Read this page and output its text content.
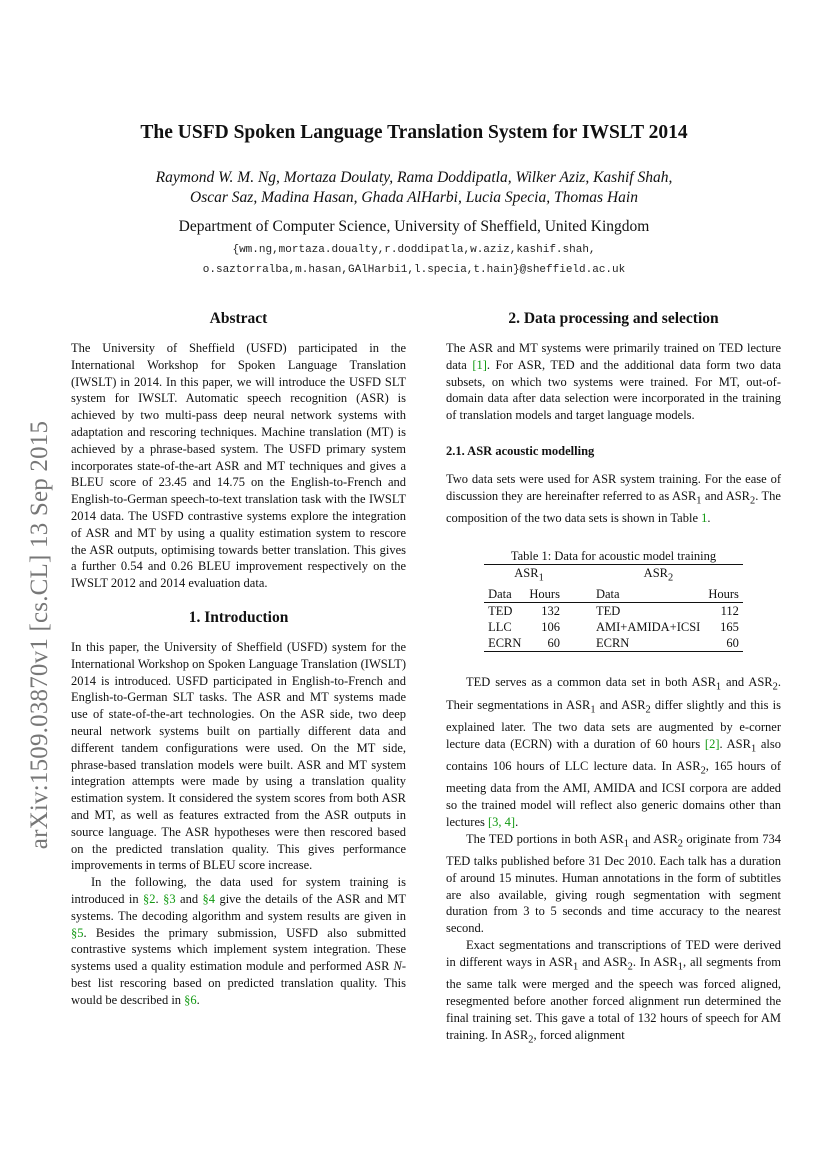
arXiv:1509.03870v1 [cs.CL] 13 Sep 2015
The USFD Spoken Language Translation System for IWSLT 2014
Raymond W. M. Ng, Mortaza Doulaty, Rama Doddipatla, Wilker Aziz, Kashif Shah,
Oscar Saz, Madina Hasan, Ghada AlHarbi, Lucia Specia, Thomas Hain
Department of Computer Science, University of Sheffield, United Kingdom
{wm.ng,mortaza.doualty,r.doddipatla,w.aziz,kashif.shah,
o.saztorralba,m.hasan,GAlHarbi1,l.specia,t.hain}@sheffield.ac.uk
Abstract

The University of Sheffield (USFD) participated in the International Workshop for Spoken Language Translation (IWSLT) in 2014. In this paper, we will introduce the USFD SLT system for IWSLT. Automatic speech recognition (ASR) is achieved by two multi-pass deep neural network systems with adaptation and rescoring techniques. Machine translation (MT) is achieved by a phrase-based system. The USFD primary system incorporates state-of-the-art ASR and MT techniques and gives a BLEU score of 23.45 and 14.75 on the English-to-French and English-to-German speech-to-text translation task with the IWSLT 2014 data. The USFD contrastive systems explore the integration of ASR and MT by using a quality estimation system to rescore the ASR outputs, optimising towards better translation. This gives a further 0.54 and 0.26 BLEU improvement respectively on the IWSLT 2012 and 2014 evaluation data.

1. Introduction

In this paper, the University of Sheffield (USFD) system for the International Workshop on Spoken Language Translation (IWSLT) 2014 is introduced. USFD participated in English-to-French and English-to-German SLT tasks. The ASR and MT systems made use of state-of-the-art technologies. On the ASR side, two deep neural network systems built on partially different data and different tandem configurations were used. On the MT side, phrase-based translation models were built. ASR and MT system integration attempts were made by using a translation quality estimation system. It considered the system scores from both ASR and MT, as well as features extracted from the ASR outputs in source language. The ASR hypotheses were then rescored based on the predicted translation quality. This gives performance improvements in terms of BLEU score increase.

In the following, the data used for system training is introduced in §2. §3 and §4 give the details of the ASR and MT systems. The decoding algorithm and system results are given in §5. Besides the primary submission, USFD also submitted contrastive systems which implement system integration. These systems used a quality estimation module and performed ASR N-best list rescoring based on predicted translation quality. This would be described in §6.

2. Data processing and selection

The ASR and MT systems were primarily trained on TED lecture data [1]. For ASR, TED and the additional data form two data subsets, on which two systems were trained. For MT, out-of-domain data after data selection were incorporated in the training of translation models and target language models.

2.1. ASR acoustic modelling

Two data sets were used for ASR system training. For the ease of discussion they are hereinafter referred to as $ASR_1$ and $ASR_2$. The composition of the two data sets is shown in Table 1.

Table 1: Data for acoustic model training
$ASR_1$		$ASR_2$
Data	Hours	Data	Hours
TED	132	TED	112
LLC	106	AMI+AMIDA+ICSI	165
ECRN	60	ECRN	60

TED serves as a common data set in both $ASR_1$ and $ASR_2$. Their segmentations in $ASR_1$ and $ASR_2$ differ slightly and this is explained later. The two data sets are augmented by e-corner lecture data (ECRN) with a duration of 60 hours [2]. $ASR_1$ also contains 106 hours of LLC lecture data. In $ASR_2$, 165 hours of meeting data from the AMI, AMIDA and ICSI corpora are added so the trained model will reflect also generic domains other than lectures [3, 4].

The TED portions in both $ASR_1$ and $ASR_2$ originate from 734 TED talks published before 31 Dec 2010. Each talk has a duration of around 15 minutes. Human annotations in the form of subtitles are also available, giving rough segmentation with segment duration from 3 to 5 seconds and time accuracy to the nearest second.

Exact segmentations and transcriptions of TED were derived in different ways in $ASR_1$ and $ASR_2$. In $ASR_1$, all segments from the same talk were merged and the speech was forced aligned, resegmented before another forced alignment run determined the final training set. This gave a total of 132 hours of speech for AM training. In $ASR_2$, forced alignment
